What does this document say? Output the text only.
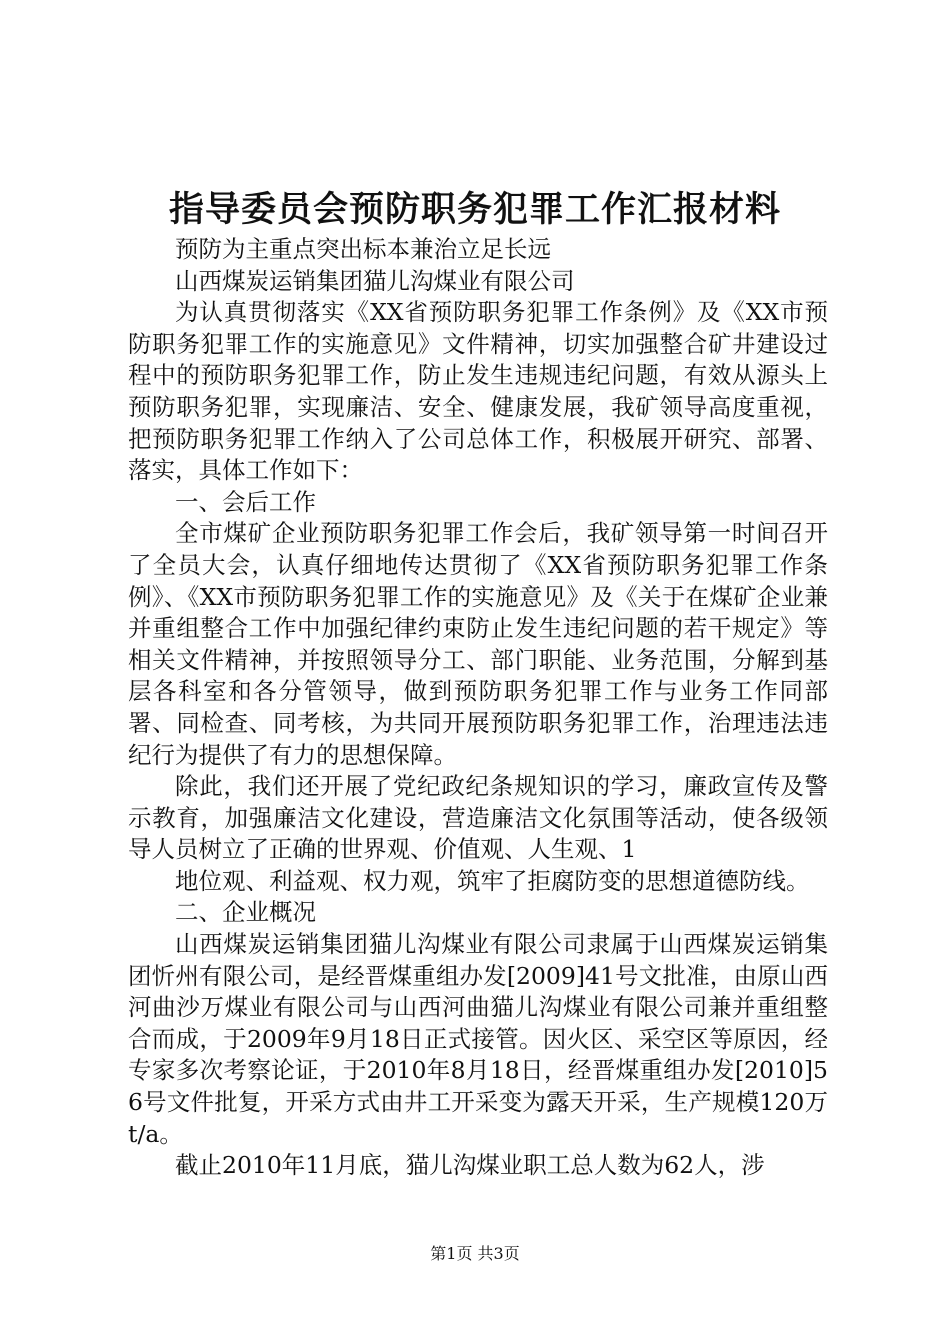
指导委员会预防职务犯罪工作汇报材料

预防为主重点突出标本兼治立足长远

山西煤炭运销集团猫儿沟煤业有限公司

为认真贯彻落实《XX省预防职务犯罪工作条例》及《XX市预防职务犯罪工作的实施意见》文件精神，切实加强整合矿井建设过程中的预防职务犯罪工作，防止发生违规违纪问题，有效从源头上预防职务犯罪，实现廉洁、安全、健康发展，我矿领导高度重视，把预防职务犯罪工作纳入了公司总体工作，积极展开研究、部署、落实，具体工作如下：

一、会后工作

全市煤矿企业预防职务犯罪工作会后，我矿领导第一时间召开了全员大会，认真仔细地传达贯彻了《XX省预防职务犯罪工作条例》、《XX市预防职务犯罪工作的实施意见》及《关于在煤矿企业兼并重组整合工作中加强纪律约束防止发生违纪问题的若干规定》等相关文件精神，并按照领导分工、部门职能、业务范围，分解到基层各科室和各分管领导，做到预防职务犯罪工作与业务工作同部署、同检查、同考核，为共同开展预防职务犯罪工作，治理违法违纪行为提供了有力的思想保障。

除此，我们还开展了党纪政纪条规知识的学习，廉政宣传及警示教育，加强廉洁文化建设，营造廉洁文化氛围等活动，使各级领导人员树立了正确的世界观、价值观、人生观、1

地位观、利益观、权力观，筑牢了拒腐防变的思想道德防线。

二、企业概况

山西煤炭运销集团猫儿沟煤业有限公司隶属于山西煤炭运销集团忻州有限公司，是经晋煤重组办发[2009]41号文批准，由原山西河曲沙万煤业有限公司与山西河曲猫儿沟煤业有限公司兼并重组整合而成，于2009年9月18日正式接管。因火区、采空区等原因，经专家多次考察论证，于2010年8月18日，经晋煤重组办发[2010]56号文件批复，开采方式由井工开采变为露天开采，生产规模120万t/a。

截止2010年11月底，猫儿沟煤业职工总人数为62人，涉

第1页 共3页
